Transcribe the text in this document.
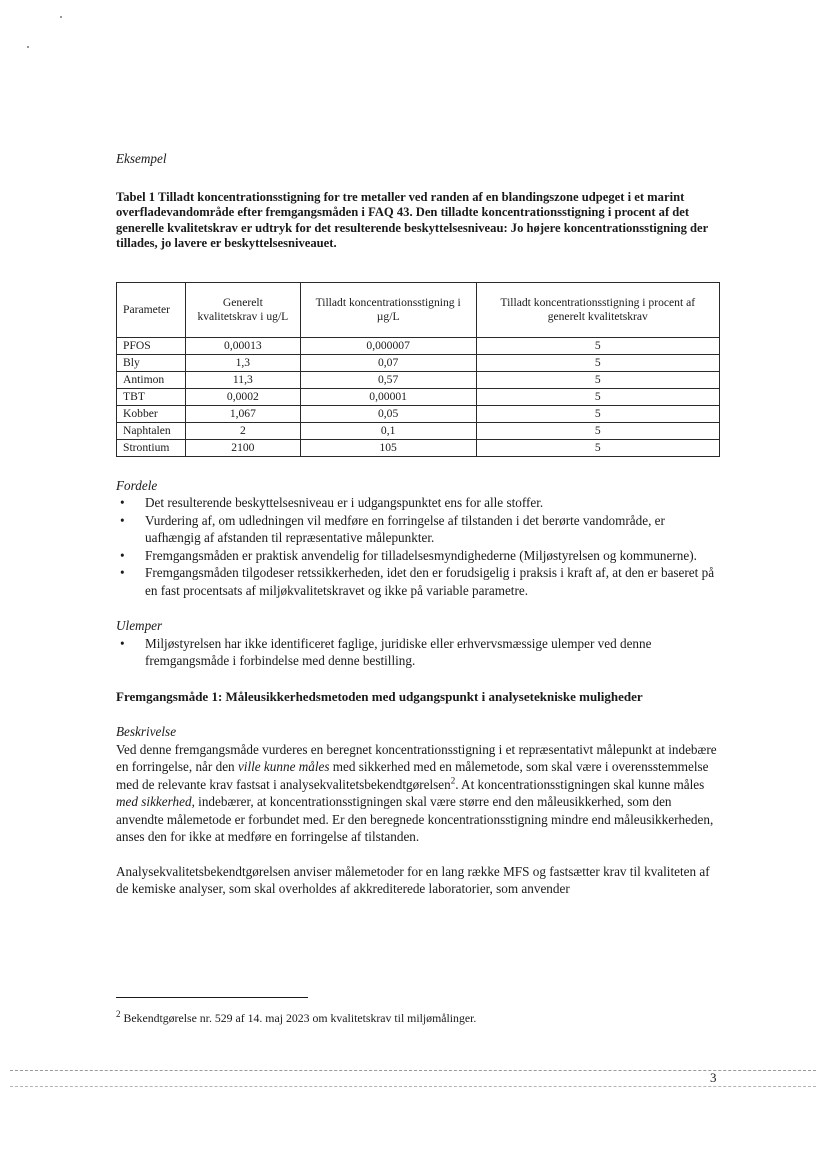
Eksempel
Tabel 1 Tilladt koncentrationsstigning for tre metaller ved randen af en blandingszone udpeget i et marint overfladevandområde efter fremgangsmåden i FAQ 43. Den tilladte koncentrationsstigning i procent af det generelle kvalitetskrav er udtryk for det resulterende beskyttelsesniveau: Jo højere koncentrationsstigning der tillades, jo lavere er beskyttelsesniveauet.
Parameter	Generelt kvalitetskrav i ug/L	Tilladt koncentrationsstigning i µg/L	Tilladt koncentrationsstigning i procent af generelt kvalitetskrav
PFOS	0,00013	0,000007	5
Bly	1,3	0,07	5
Antimon	11,3	0,57	5
TBT	0,0002	0,00001	5
Kobber	1,067	0,05	5
Naphtalen	2	0,1	5
Strontium	2100	105	5
Fordele
• Det resulterende beskyttelsesniveau er i udgangspunktet ens for alle stoffer.
• Vurdering af, om udledningen vil medføre en forringelse af tilstanden i det berørte vandområde, er uafhængig af afstanden til repræsentative målepunkter.
• Fremgangsmåden er praktisk anvendelig for tilladelsesmyndighederne (Miljøstyrelsen og kommunerne).
• Fremgangsmåden tilgodeser retssikkerheden, idet den er forudsigelig i praksis i kraft af, at den er baseret på en fast procentsats af miljøkvalitetskravet og ikke på variable parametre.
Ulemper
• Miljøstyrelsen har ikke identificeret faglige, juridiske eller erhvervsmæssige ulemper ved denne fremgangsmåde i forbindelse med denne bestilling.
Fremgangsmåde 1: Måleusikkerhedsmetoden med udgangspunkt i analysetekniske muligheder
Beskrivelse
Ved denne fremgangsmåde vurderes en beregnet koncentrationsstigning i et repræsentativt målepunkt at indebære en forringelse, når den ville kunne måles med sikkerhed med en målemetode, som skal være i overensstemmelse med de relevante krav fastsat i analysekvalitetsbekendtgørelsen$^2$. At koncentrationsstigningen skal kunne måles med sikkerhed, indebærer, at koncentrationsstigningen skal være større end den måleusikkerhed, som den anvendte målemetode er forbundet med. Er den beregnede koncentrationsstigning mindre end måleusikkerheden, anses den for ikke at medføre en forringelse af tilstanden.
Analysekvalitetsbekendtgørelsen anviser målemetoder for en lang række MFS og fastsætter krav til kvaliteten af de kemiske analyser, som skal overholdes af akkrediterede laboratorier, som anvender
$^2$ Bekendtgørelse nr. 529 af 14. maj 2023 om kvalitetskrav til miljømålinger.
3
